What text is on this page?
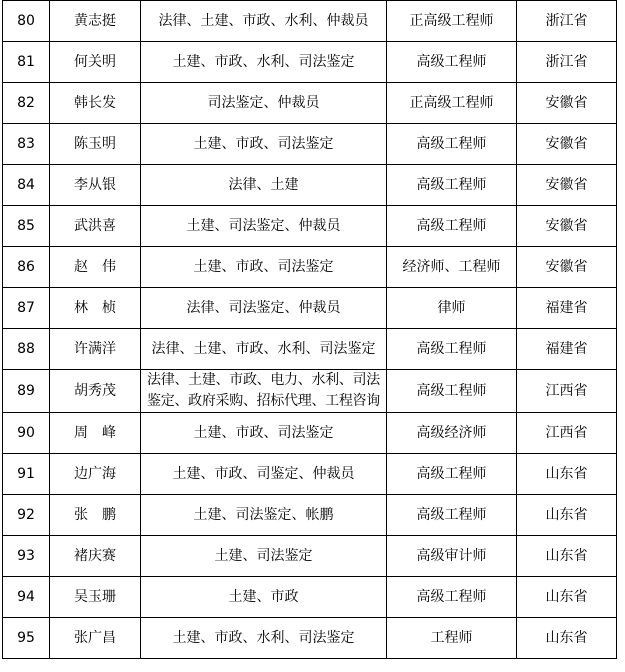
80	黄志挺	法律、土建、市政、水利、仲裁员	正高级工程师	浙江省
81	何关明	土建、市政、水利、司法鉴定	高级工程师	浙江省
82	韩长发	司法鉴定、仲裁员	正高级工程师	安徽省
83	陈玉明	土建、市政、司法鉴定	高级工程师	安徽省
84	李从银	法律、土建	高级工程师	安徽省
85	武洪喜	土建、司法鉴定、仲裁员	高级工程师	安徽省
86	赵　伟	土建、市政、司法鉴定	经济师、工程师	安徽省
87	林　桢	法律、司法鉴定、仲裁员	律师	福建省
88	许满洋	法律、土建、市政、水利、司法鉴定	高级工程师	福建省
89	胡秀茂	法律、土建、市政、电力、水利、司法鉴定、政府采购、招标代理、工程咨询	高级工程师	江西省
90	周　峰	土建、市政、司法鉴定	高级经济师	江西省
91	边广海	土建、市政、司鉴定、仲裁员	高级工程师	山东省
92	张　鹏	土建、司法鉴定、帐鹏	高级工程师	山东省
93	褚庆赛	土建、司法鉴定	高级审计师	山东省
94	吴玉珊	土建、市政	高级工程师	山东省
95	张广昌	土建、市政、水利、司法鉴定	工程师	山东省
